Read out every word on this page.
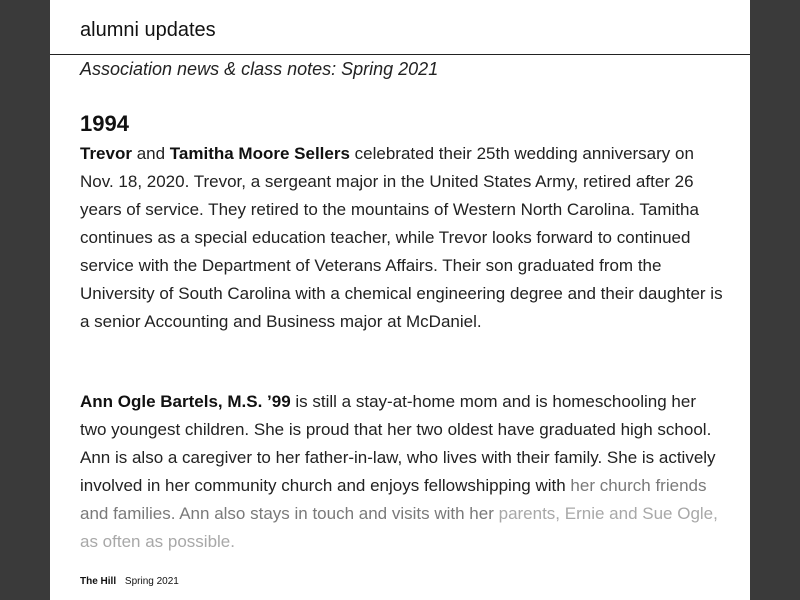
alumni updates

Association news & class notes: Spring 2021

1994

Trevor and Tamitha Moore Sellers celebrated their 25th wedding anniversary on Nov. 18, 2020. Trevor, a sergeant major in the United States Army, retired after 26 years of service. They retired to the mountains of Western North Carolina. Tamitha continues as a special education teacher, while Trevor looks forward to continued service with the Department of Veterans Affairs. Their son graduated from the University of South Carolina with a chemical engineering degree and their daughter is a senior Accounting and Business major at McDaniel.

Ann Ogle Bartels, M.S. ’99 is still a stay-at-home mom and is homeschooling her two youngest children. She is proud that her two oldest have graduated high school. Ann is also a caregiver to her father-in-law, who lives with their family. She is actively involved in her community church and enjoys fellowshipping with her church friends and families. Ann also stays in touch and visits with her parents, Ernie and Sue Ogle, as often as possible.

The Hill Spring 2021
